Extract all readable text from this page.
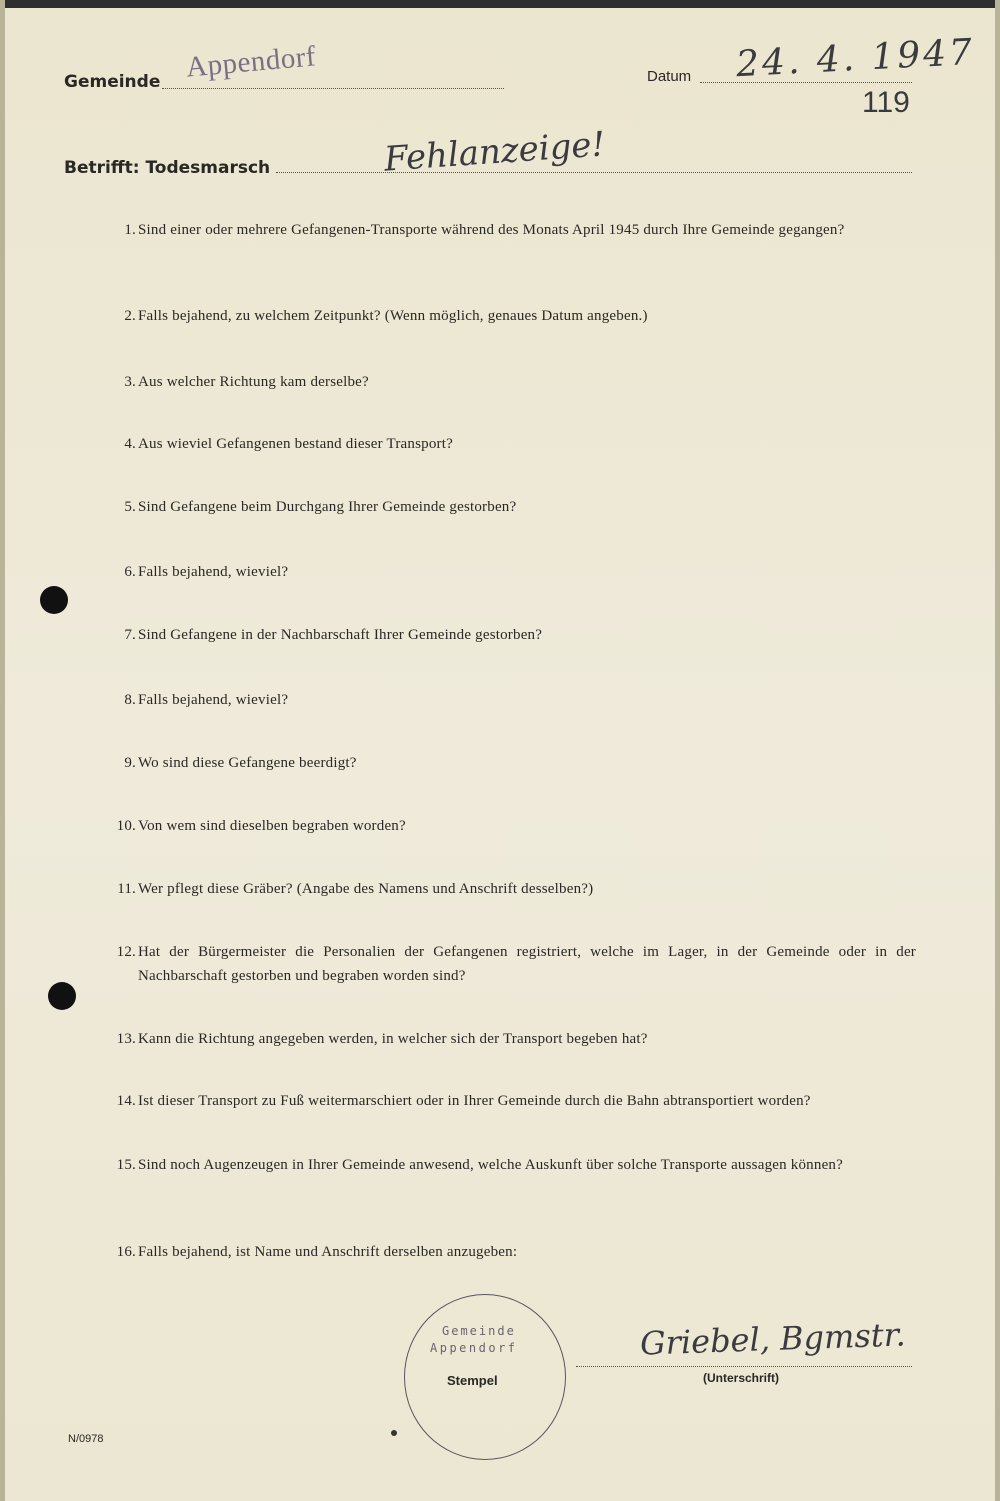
Gemeinde Appendorf	Datum 24. 4. 1947
119
Betrifft: Todesmarsch	Fehlanzeige!
1. Sind einer oder mehrere Gefangenen-Transporte während des Monats April 1945 durch Ihre Gemeinde gegangen?
2. Falls bejahend, zu welchem Zeitpunkt? (Wenn möglich, genaues Datum angeben.)
3. Aus welcher Richtung kam derselbe?
4. Aus wieviel Gefangenen bestand dieser Transport?
5. Sind Gefangene beim Durchgang Ihrer Gemeinde gestorben?
6. Falls bejahend, wieviel?
7. Sind Gefangene in der Nachbarschaft Ihrer Gemeinde gestorben?
8. Falls bejahend, wieviel?
9. Wo sind diese Gefangene beerdigt?
10. Von wem sind dieselben begraben worden?
11. Wer pflegt diese Gräber? (Angabe des Namens und Anschrift desselben?)
12. Hat der Bürgermeister die Personalien der Gefangenen registriert, welche im Lager, in der Gemeinde oder in der Nachbarschaft gestorben und begraben worden sind?
13. Kann die Richtung angegeben werden, in welcher sich der Transport begeben hat?
14. Ist dieser Transport zu Fuß weitermarschiert oder in Ihrer Gemeinde durch die Bahn abtransportiert worden?
15. Sind noch Augenzeugen in Ihrer Gemeinde anwesend, welche Auskunft über solche Transporte aussagen können?
16. Falls bejahend, ist Name und Anschrift derselben anzugeben:
Gemeinde
Appendorf
Stempel
Griebel, Bgmstr.
(Unterschrift)
N/0978
